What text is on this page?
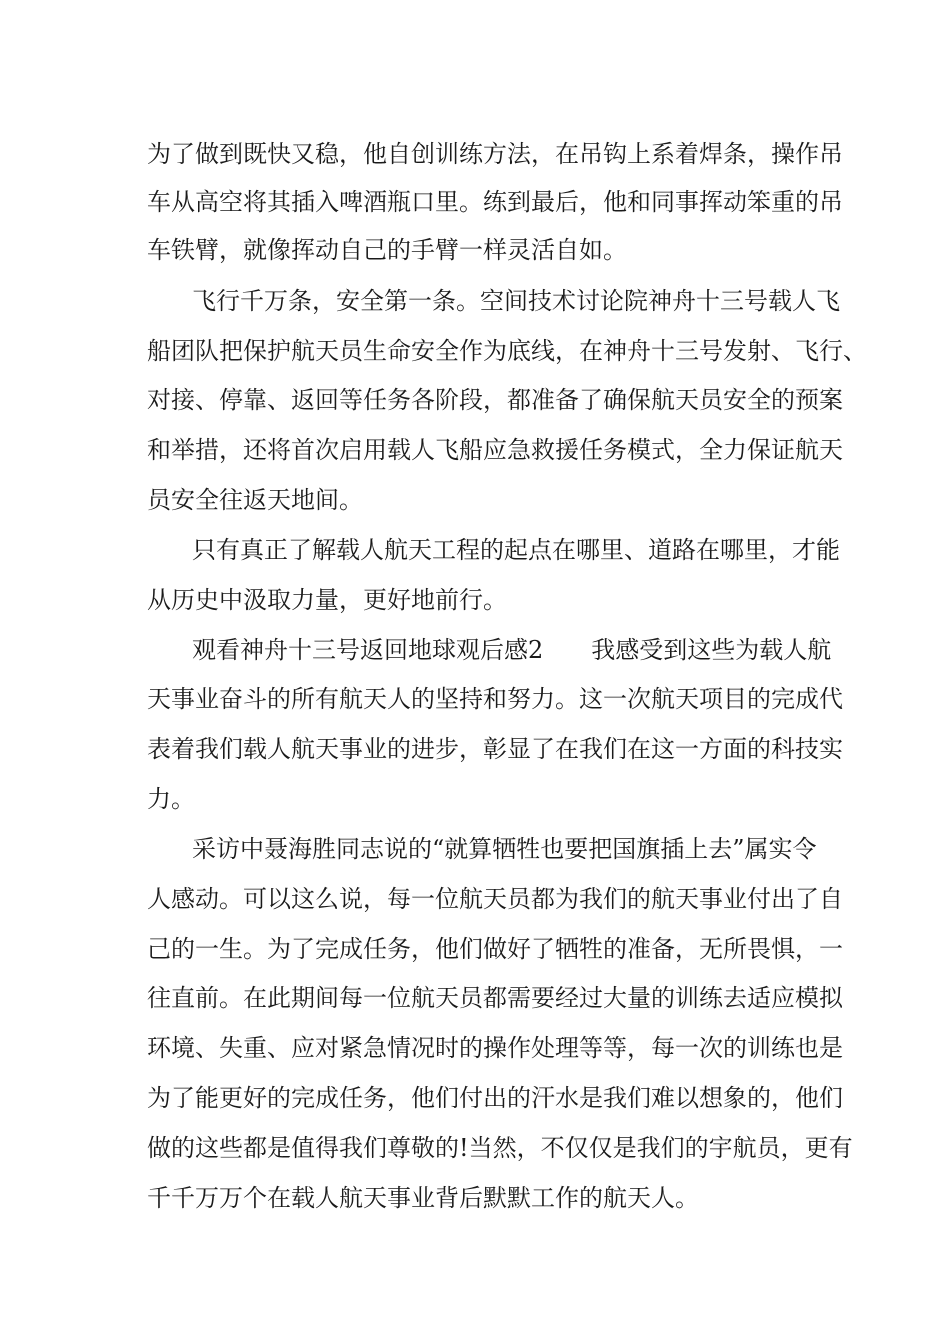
为了做到既快又稳，他自创训练方法，在吊钩上系着焊条，操作吊
车从高空将其插入啤酒瓶口里。练到最后，他和同事挥动笨重的吊
车铁臂，就像挥动自己的手臂一样灵活自如。
飞行千万条，安全第一条。空间技术讨论院神舟十三号载人飞
船团队把保护航天员生命安全作为底线，在神舟十三号发射、飞行、
对接、停靠、返回等任务各阶段，都准备了确保航天员安全的预案
和举措，还将首次启用载人飞船应急救援任务模式，全力保证航天
员安全往返天地间。
只有真正了解载人航天工程的起点在哪里、道路在哪里，才能
从历史中汲取力量，更好地前行。
观看神舟十三号返回地球观后感2 我感受到这些为载人航
天事业奋斗的所有航天人的坚持和努力。这一次航天项目的完成代
表着我们载人航天事业的进步，彰显了在我们在这一方面的科技实
力。
采访中聂海胜同志说的“就算牺牲也要把国旗插上去”属实令
人感动。可以这么说，每一位航天员都为我们的航天事业付出了自
己的一生。为了完成任务，他们做好了牺牲的准备，无所畏惧，一
往直前。在此期间每一位航天员都需要经过大量的训练去适应模拟
环境、失重、应对紧急情况时的操作处理等等，每一次的训练也是
为了能更好的完成任务，他们付出的汗水是我们难以想象的，他们
做的这些都是值得我们尊敬的!当然，不仅仅是我们的宇航员，更有
千千万万个在载人航天事业背后默默工作的航天人。
